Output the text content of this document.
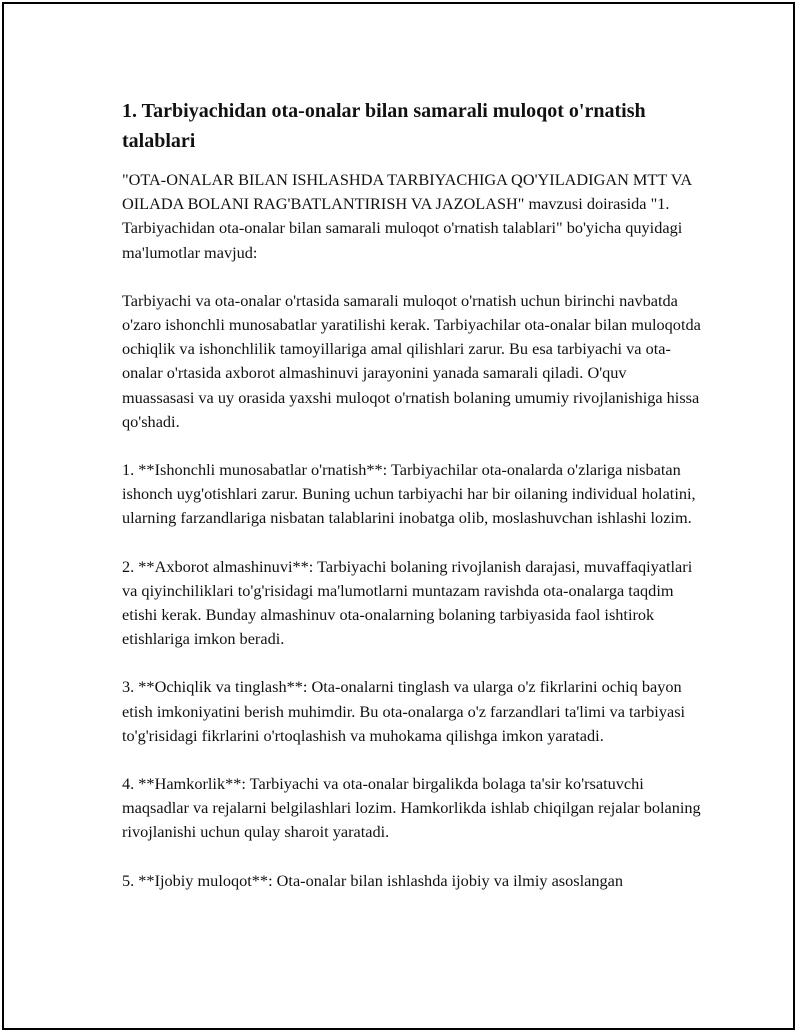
1. Tarbiyachidan ota-onalar bilan samarali muloqot o'rnatish talablari

"OTA-ONALAR BILAN ISHLASHDA TARBIYACHIGA QO'YILADIGAN MTT VA OILADA BOLANI RAG'BATLANTIRISH VA JAZOLASH" mavzusi doirasida "1. Tarbiyachidan ota-onalar bilan samarali muloqot o'rnatish talablari" bo'yicha quyidagi ma'lumotlar mavjud:

Tarbiyachi va ota-onalar o'rtasida samarali muloqot o'rnatish uchun birinchi navbatda o'zaro ishonchli munosabatlar yaratilishi kerak. Tarbiyachilar ota-onalar bilan muloqotda ochiqlik va ishonchlilik tamoyillariga amal qilishlari zarur. Bu esa tarbiyachi va ota-onalar o'rtasida axborot almashinuvi jarayonini yanada samarali qiladi. O'quv muassasasi va uy orasida yaxshi muloqot o'rnatish bolaning umumiy rivojlanishiga hissa qo'shadi.

1. **Ishonchli munosabatlar o'rnatish**: Tarbiyachilar ota-onalarda o'zlariga nisbatan ishonch uyg'otishlari zarur. Buning uchun tarbiyachi har bir oilaning individual holatini, ularning farzandlariga nisbatan talablarini inobatga olib, moslashuvchan ishlashi lozim.

2. **Axborot almashinuvi**: Tarbiyachi bolaning rivojlanish darajasi, muvaffaqiyatlari va qiyinchiliklari to'g'risidagi ma'lumotlarni muntazam ravishda ota-onalarga taqdim etishi kerak. Bunday almashinuv ota-onalarning bolaning tarbiyasida faol ishtirok etishlariga imkon beradi.

3. **Ochiqlik va tinglash**: Ota-onalarni tinglash va ularga o'z fikrlarini ochiq bayon etish imkoniyatini berish muhimdir. Bu ota-onalarga o'z farzandlari ta'limi va tarbiyasi to'g'risidagi fikrlarini o'rtoqlashish va muhokama qilishga imkon yaratadi.

4. **Hamkorlik**: Tarbiyachi va ota-onalar birgalikda bolaga ta'sir ko'rsatuvchi maqsadlar va rejalarni belgilashlari lozim. Hamkorlikda ishlab chiqilgan rejalar bolaning rivojlanishi uchun qulay sharoit yaratadi.

5. **Ijobiy muloqot**: Ota-onalar bilan ishlashda ijobiy va ilmiy asoslangan
